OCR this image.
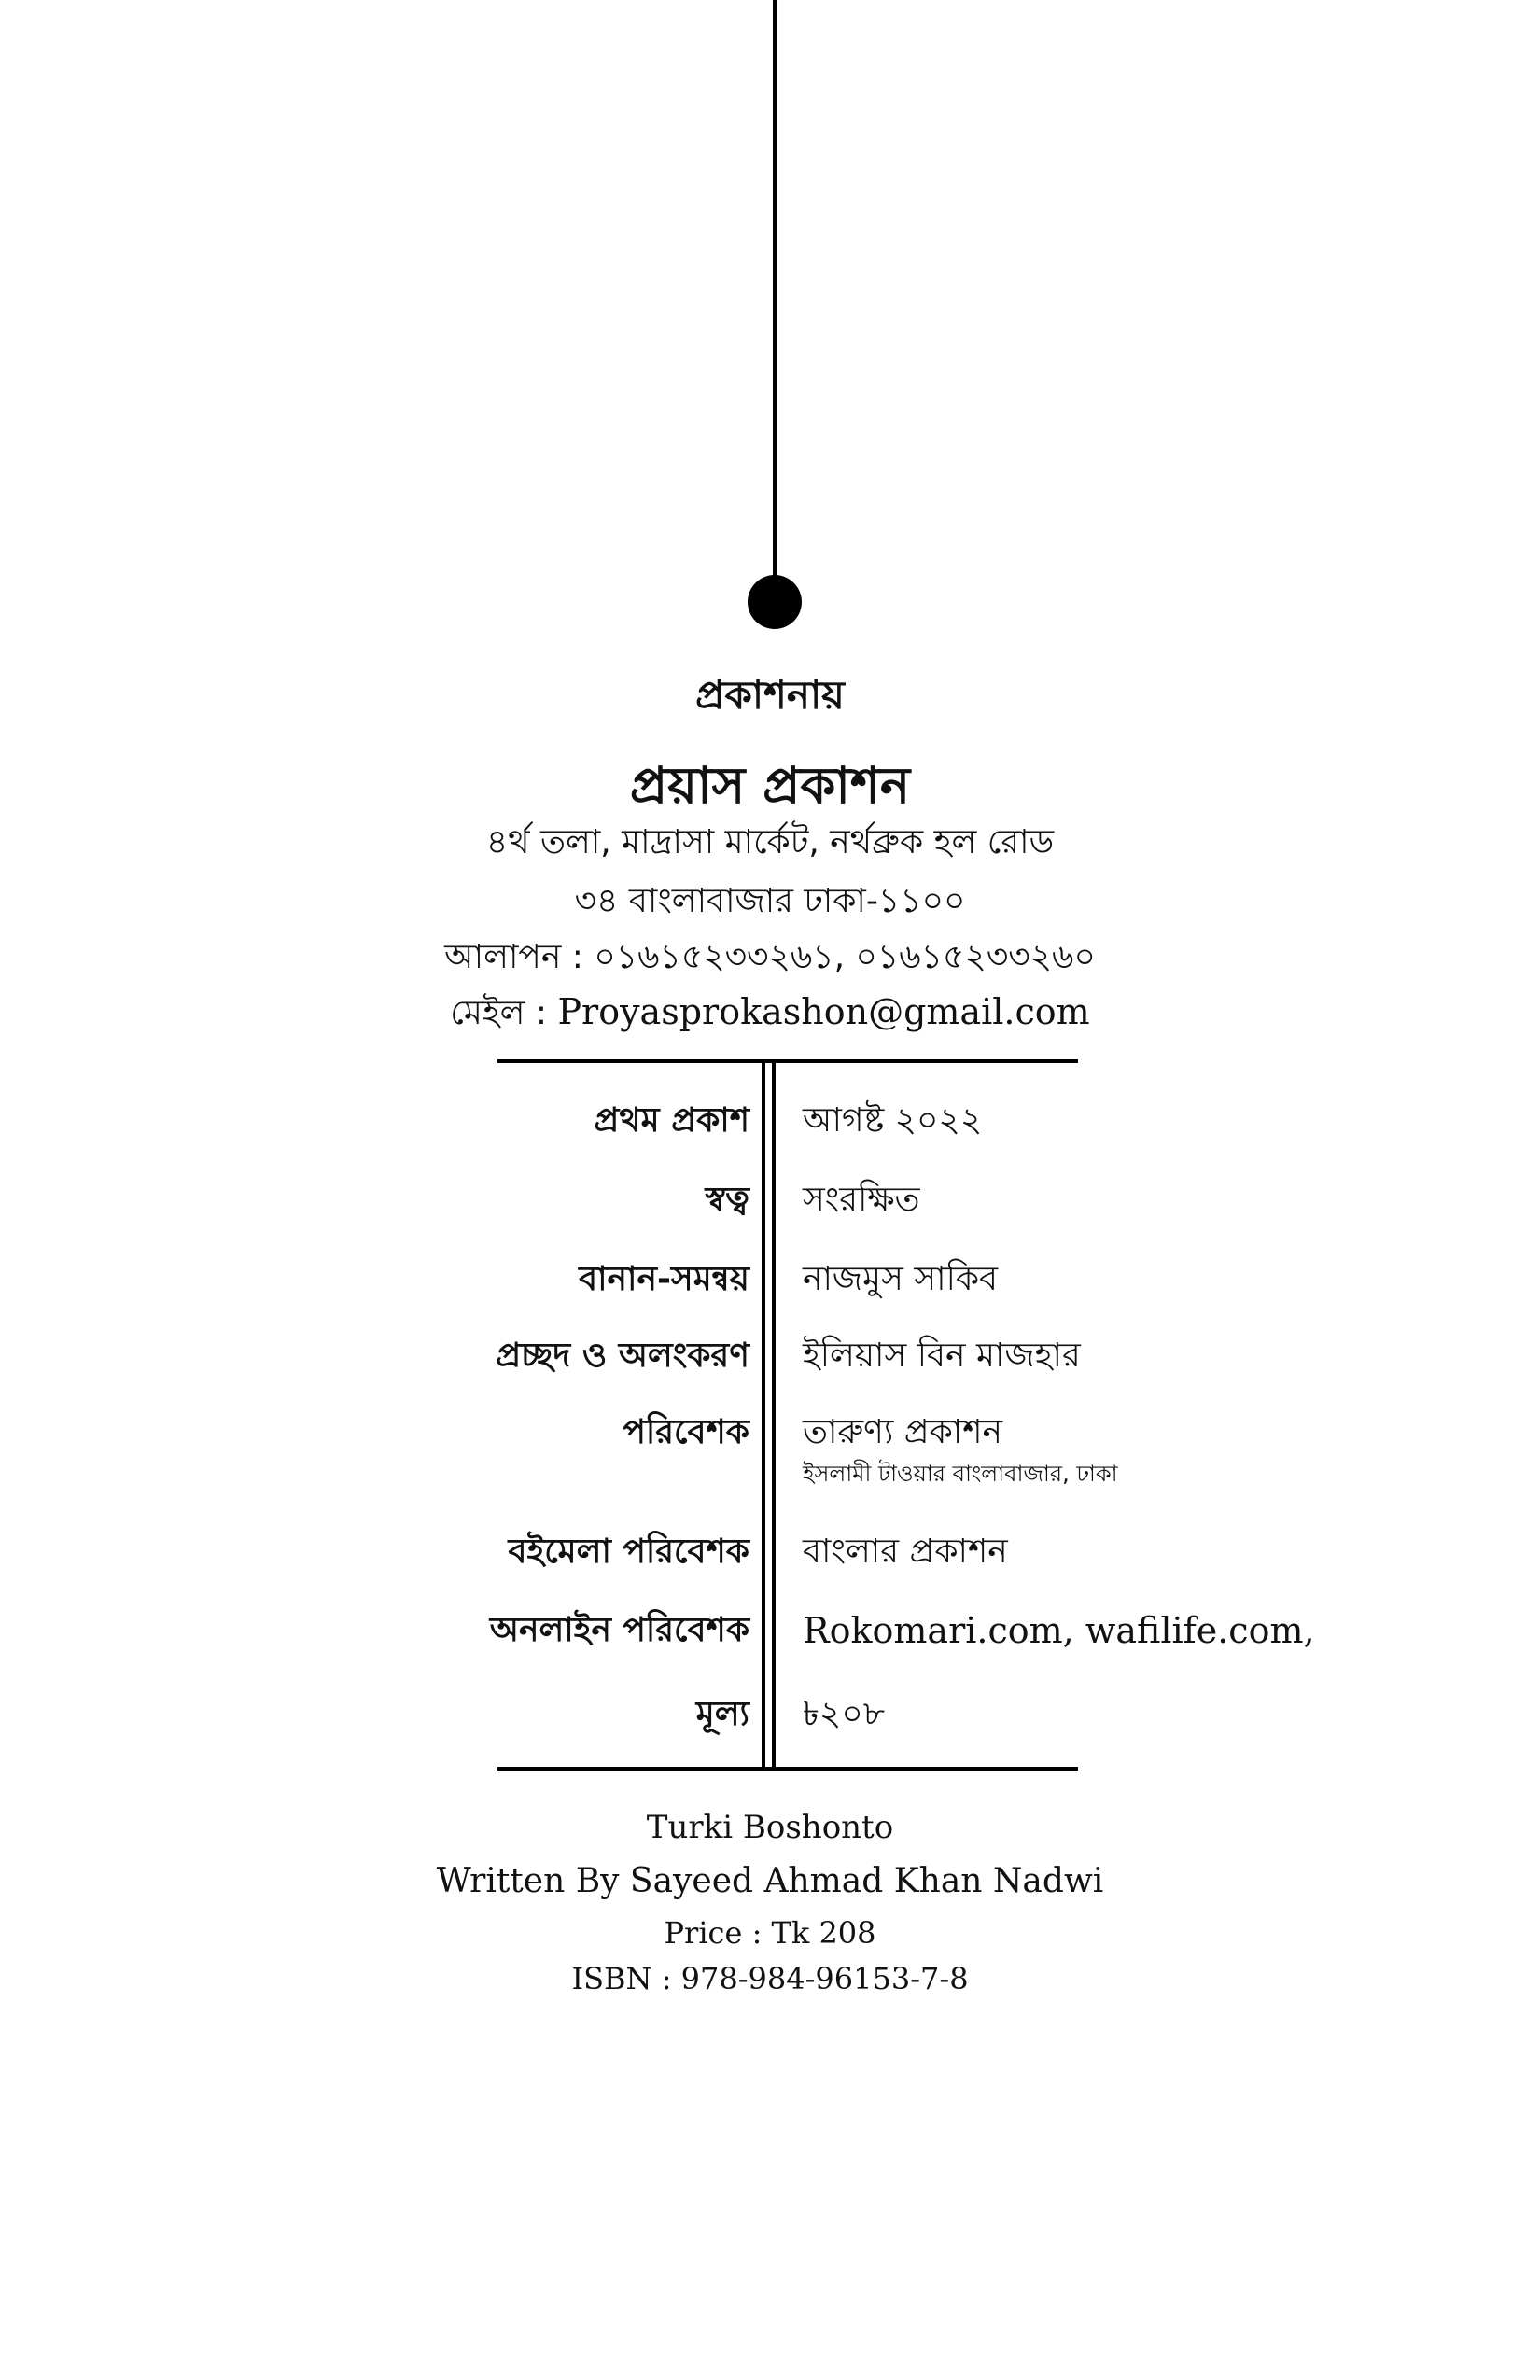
প্রকাশনায়
প্রয়াস প্রকাশন
৪র্থ তলা, মাদ্রাসা মার্কেট, নর্থব্রুক হল রোড
৩৪ বাংলাবাজার ঢাকা-১১০০
আলাপন : ০১৬১৫২৩৩২৬১, ০১৬১৫২৩৩২৬০
মেইল : Proyasprokashon@gmail.com
প্রথম প্রকাশ আগষ্ট ২০২২
স্বত্ব সংরক্ষিত
বানান-সমন্বয় নাজমুস সাকিব
প্রচ্ছদ ও অলংকরণ ইলিয়াস বিন মাজহার
পরিবেশক তারুণ্য প্রকাশন
ইসলামী টাওয়ার বাংলাবাজার, ঢাকা
বইমেলা পরিবেশক বাংলার প্রকাশন
অনলাইন পরিবেশক Rokomari.com, wafilife.com,
মূল্য ৳২০৮
Turki Boshonto
Written By Sayeed Ahmad Khan Nadwi
Price : Tk 208
ISBN : 978-984-96153-7-8
